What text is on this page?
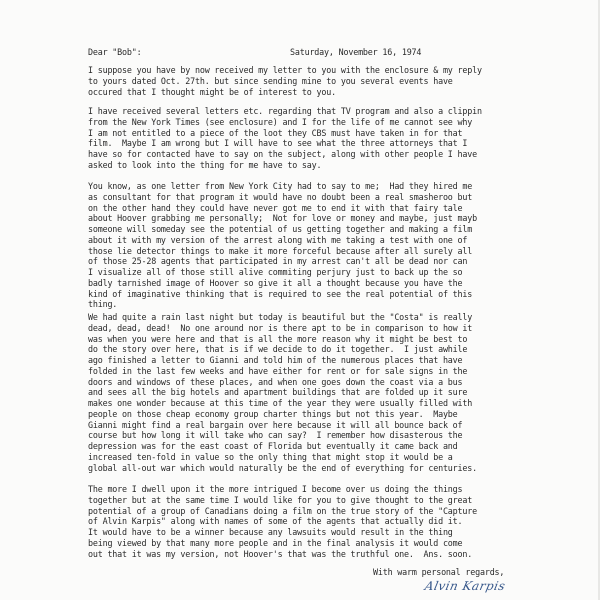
Dear "Bob":	Saturday, November 16, 1974
I suppose you have by now received my letter to you with the enclosure & my reply
to yours dated Oct. 27th. but since sending mine to you several events have
occured that I thought might be of interest to you.
I have received several letters etc. regarding that TV program and also a clippin
from the New York Times (see enclosure) and I for the life of me cannot see why
I am not entitled to a piece of the loot they CBS must have taken in for that
film.  Maybe I am wrong but I will have to see what the three attorneys that I
have so for contacted have to say on the subject, along with other people I have
asked to look into the thing for me have to say.
You know, as one letter from New York City had to say to me;  Had they hired me
as consultant for that program it would have no doubt been a real smasheroo but
on the other hand they could have never got me to end it with that fairy tale
about Hoover grabbing me personally;  Not for love or money and maybe, just mayb
someone will someday see the potential of us getting together and making a film
about it with my version of the arrest along with me taking a test with one of
those lie detector things to make it more forceful because after all surely all
of those 25-28 agents that participated in my arrest can't all be dead nor can
I visualize all of those still alive commiting perjury just to back up the so
badly tarnished image of Hoover so give it all a thought because you have the
kind of imaginative thinking that is required to see the real potential of this
thing.
We had quite a rain last night but today is beautiful but the "Costa" is really
dead, dead, dead!  No one around nor is there apt to be in comparison to how it
was when you were here and that is all the more reason why it might be best to
do the story over here, that is if we decide to do it together.  I just awhile
ago finished a letter to Gianni and told him of the numerous places that have
folded in the last few weeks and have either for rent or for sale signs in the
doors and windows of these places, and when one goes down the coast via a bus
and sees all the big hotels and apartment buildings that are folded up it sure
makes one wonder because at this time of the year they were usually filled with
people on those cheap economy group charter things but not this year.  Maybe
Gianni might find a real bargain over here because it will all bounce back of
course but how long it will take who can say?  I remember how disasterous the
depression was for the east coast of Florida but eventually it came back and
increased ten-fold in value so the only thing that might stop it would be a
global all-out war which would naturally be the end of everything for centuries.
The more I dwell upon it the more intrigued I become over us doing the things
together but at the same time I would like for you to give thought to the great
potential of a group of Canadians doing a film on the true story of the "Capture
of Alvin Karpis" along with names of some of the agents that actually did it.
It would have to be a winner because any lawsuits would result in the thing
being viewed by that many more people and in the final analysis it would come
out that it was my version, not Hoover's that was the truthful one.  Ans. soon.
With warm personal regards,
Alvin Karpis
